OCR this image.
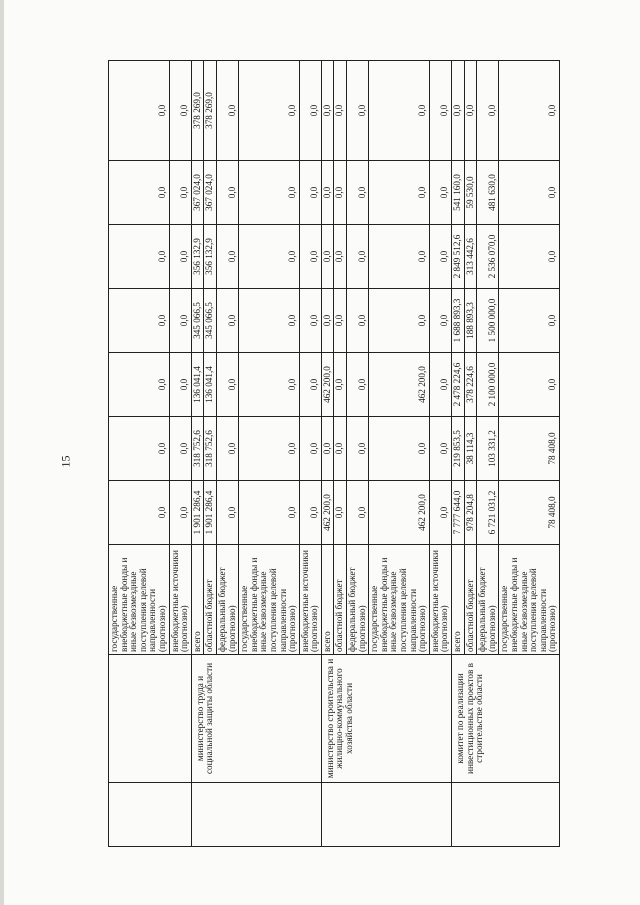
15
		государственные внебюджетные фонды и иные безвозмездные поступления целевой направленности (прогнозно)	0,0	0,0	0,0	0,0	0,0	0,0	0,0
		внебюджетные источники (прогнозно)	0,0	0,0	0,0	0,0	0,0	0,0	0,0
	министерство труда и социальной защиты области	всего	1 901 286,4	318 752,6	136 041,4	345 066,5	356 132,9	367 024,0	378 269,0
		областной бюджет	1 901 286,4	318 752,6	136 041,4	345 066,5	356 132,9	367 024,0	378 269,0
		федеральный бюджет (прогнозно)	0,0	0,0	0,0	0,0	0,0	0,0	0,0
		государственные внебюджетные фонды и иные безвозмездные поступления целевой направленности (прогнозно)	0,0	0,0	0,0	0,0	0,0	0,0	0,0
		внебюджетные источники (прогнозно)	0,0	0,0	0,0	0,0	0,0	0,0	0,0
	министерство строительства и жилищно-коммунального хозяйства области	всего	462 200,0	0,0	462 200,0	0,0	0,0	0,0	0,0
		областной бюджет	0,0	0,0	0,0	0,0	0,0	0,0	0,0
		федеральный бюджет (прогнозно)	0,0	0,0	0,0	0,0	0,0	0,0	0,0
		государственные внебюджетные фонды и иные безвозмездные поступления целевой направленности (прогнозно)	462 200,0	0,0	462 200,0	0,0	0,0	0,0	0,0
		внебюджетные источники (прогнозно)	0,0	0,0	0,0	0,0	0,0	0,0	0,0
	комитет по реализации инвестиционных проектов в строительстве области	всего	7 777 644,0	219 853,5	2 478 224,6	1 688 893,3	2 849 512,6	541 160,0	0,0
		областной бюджет	978 204,8	38 114,3	378 224,6	188 893,3	313 442,6	59 530,0	0,0
		федеральный бюджет (прогнозно)	6 721 031,2	103 331,2	2 100 000,0	1 500 000,0	2 536 070,0	481 630,0	0,0
		государственные внебюджетные фонды и иные безвозмездные поступления целевой направленности (прогнозно)	78 408,0	78 408,0	0,0	0,0	0,0	0,0	0,0
